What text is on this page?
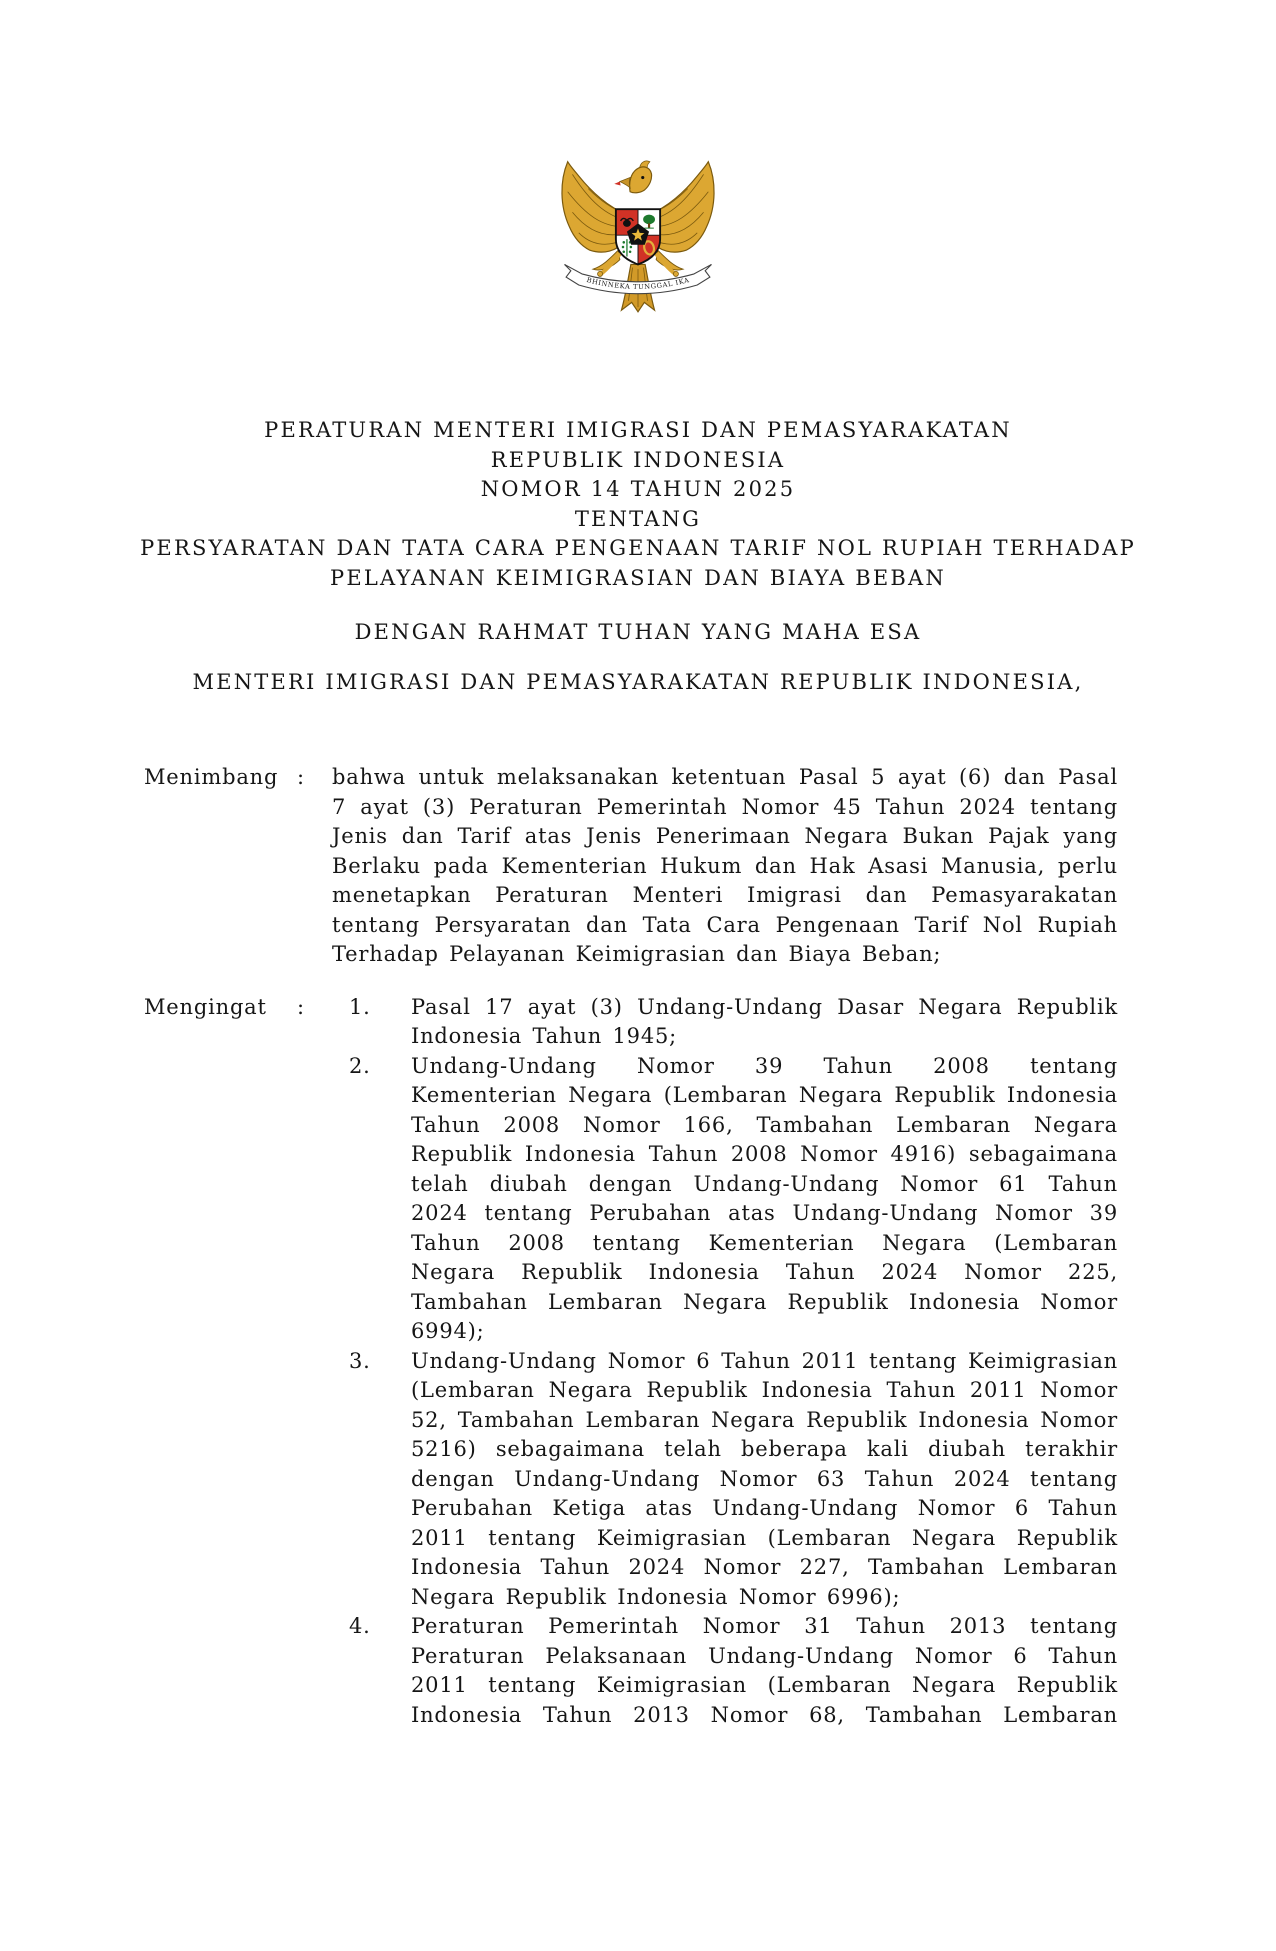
BHINNEKA TUNGGAL IKA
PERATURAN MENTERI IMIGRASI DAN PEMASYARAKATAN
REPUBLIK INDONESIA
NOMOR 14 TAHUN 2025
TENTANG
PERSYARATAN DAN TATA CARA PENGENAAN TARIF NOL RUPIAH TERHADAP
PELAYANAN KEIMIGRASIAN DAN BIAYA BEBAN
DENGAN RAHMAT TUHAN YANG MAHA ESA
MENTERI IMIGRASI DAN PEMASYARAKATAN REPUBLIK INDONESIA,
Menimbang :	bahwa untuk melaksanakan ketentuan Pasal 5 ayat (6) dan Pasal 7 ayat (3) Peraturan Pemerintah Nomor 45 Tahun 2024 tentang Jenis dan Tarif atas Jenis Penerimaan Negara Bukan Pajak yang Berlaku pada Kementerian Hukum dan Hak Asasi Manusia, perlu menetapkan Peraturan Menteri Imigrasi dan Pemasyarakatan tentang Persyaratan dan Tata Cara Pengenaan Tarif Nol Rupiah Terhadap Pelayanan Keimigrasian dan Biaya Beban;

Mengingat	:	1.	Pasal 17 ayat (3) Undang-Undang Dasar Negara Republik Indonesia Tahun 1945;

2.	Undang-Undang Nomor 39 Tahun 2008 tentang Kementerian Negara (Lembaran Negara Republik Indonesia Tahun 2008 Nomor 166, Tambahan Lembaran Negara Republik Indonesia Tahun 2008 Nomor 4916) sebagaimana telah diubah dengan Undang-Undang Nomor 61 Tahun 2024 tentang Perubahan atas Undang-Undang Nomor 39 Tahun 2008 tentang Kementerian Negara (Lembaran Negara Republik Indonesia Tahun 2024 Nomor 225, Tambahan Lembaran Negara Republik Indonesia Nomor 6994);

3.	Undang-Undang Nomor 6 Tahun 2011 tentang Keimigrasian (Lembaran Negara Republik Indonesia Tahun 2011 Nomor 52, Tambahan Lembaran Negara Republik Indonesia Nomor 5216) sebagaimana telah beberapa kali diubah terakhir dengan Undang-Undang Nomor 63 Tahun 2024 tentang Perubahan Ketiga atas Undang-Undang Nomor 6 Tahun 2011 tentang Keimigrasian (Lembaran Negara Republik Indonesia Tahun 2024 Nomor 227, Tambahan Lembaran Negara Republik Indonesia Nomor 6996);

4.	Peraturan Pemerintah Nomor 31 Tahun 2013 tentang Peraturan Pelaksanaan Undang-Undang Nomor 6 Tahun 2011 tentang Keimigrasian (Lembaran Negara Republik Indonesia Tahun 2013 Nomor 68, Tambahan Lembaran
